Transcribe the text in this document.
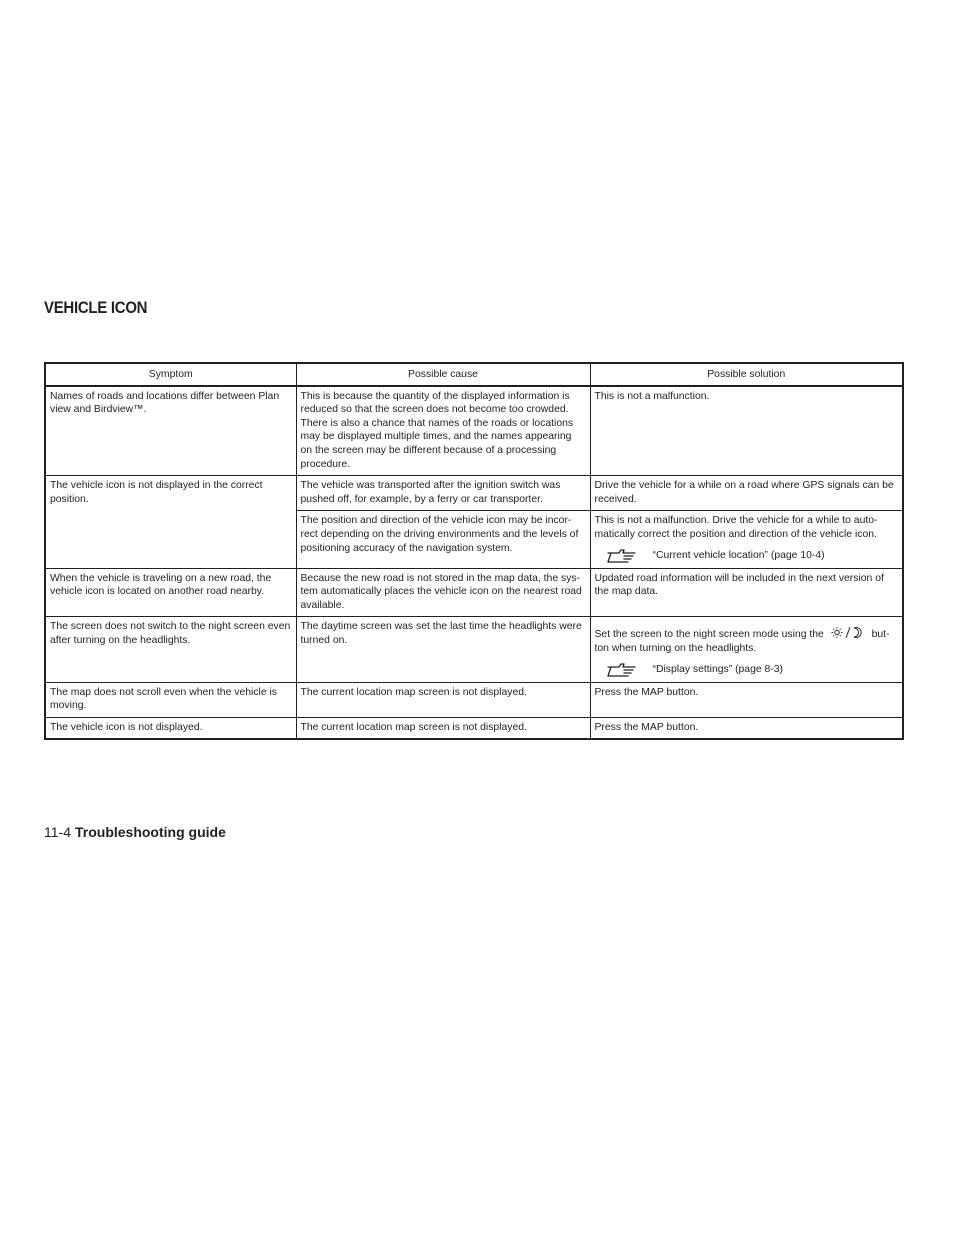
VEHICLE ICON
Symptom	Possible cause	Possible solution
Names of roads and locations differ between Plan view and Birdview™.	This is because the quantity of the displayed information is reduced so that the screen does not become too crowded. There is also a chance that names of the roads or locations may be displayed multiple times, and the names appearing on the screen may be different because of a processing procedure.	This is not a malfunction.
The vehicle icon is not displayed in the correct position.	The vehicle was transported after the ignition switch was pushed off, for example, by a ferry or car transporter.	Drive the vehicle for a while on a road where GPS signals can be received.
	The position and direction of the vehicle icon may be incor-rect depending on the driving environments and the levels of positioning accuracy of the navigation system.	This is not a malfunction. Drive the vehicle for a while to auto-matically correct the position and direction of the vehicle icon.
“Current vehicle location” (page 10-4)

When the vehicle is traveling on a new road, the vehicle icon is located on another road nearby.	Because the new road is not stored in the map data, the sys-tem automatically places the vehicle icon on the nearest road available.	Updated road information will be included in the next version of the map data.
The screen does not switch to the night screen even after turning on the headlights.	The daytime screen was set the last time the headlights were turned on.	Set the screen to the night screen mode using the but-ton when turning on the headlights.
“Display settings” (page 8-3)

The map does not scroll even when the vehicle is moving.	The current location map screen is not displayed.	Press the MAP button.
The vehicle icon is not displayed.	The current location map screen is not displayed.	Press the MAP button.
11-4 Troubleshooting guide
